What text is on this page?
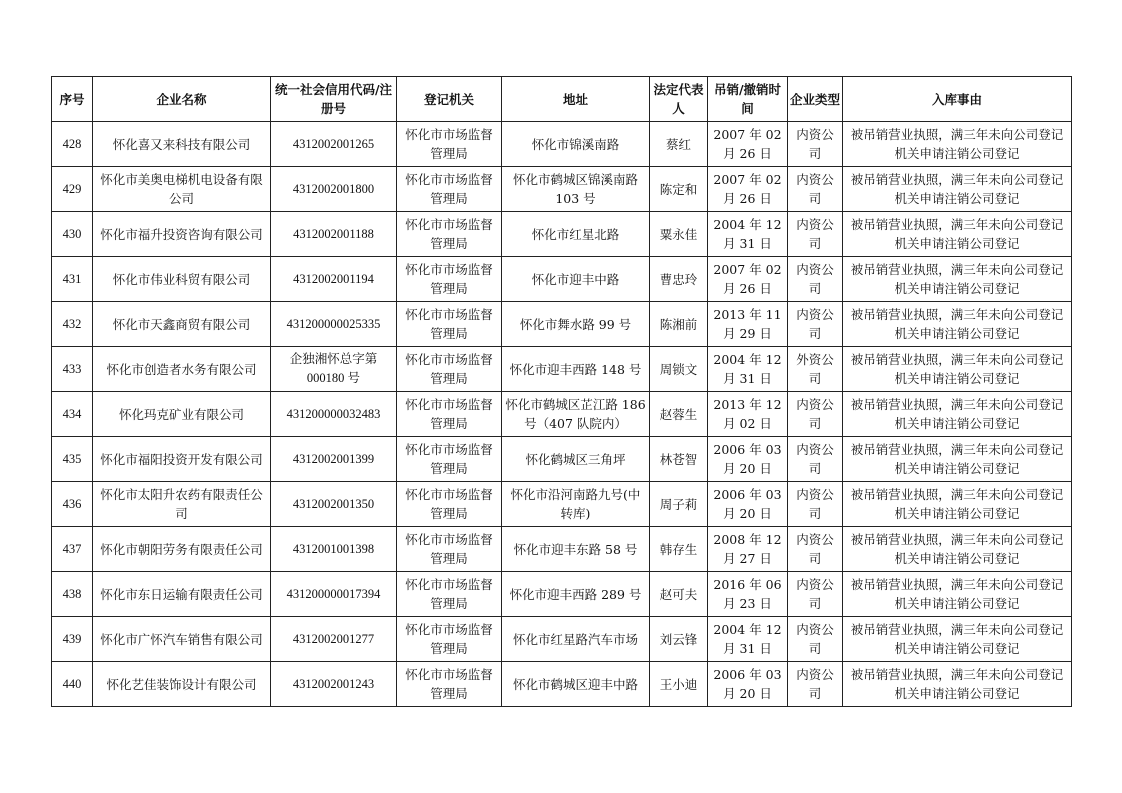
序号	企业名称	统一社会信用代码/注册号	登记机关	地址	法定代表人	吊销/撤销时间	企业类型	入库事由
428	怀化喜又来科技有限公司	4312002001265	怀化市市场监督管理局	怀化市锦溪南路	蔡红	2007 年 02 月 26 日	内资公司	被吊销营业执照，满三年未向公司登记机关申请注销公司登记
429	怀化市美奥电梯机电设备有限公司	4312002001800	怀化市市场监督管理局	怀化市鹤城区锦溪南路 103 号	陈定和	2007 年 02 月 26 日	内资公司	被吊销营业执照，满三年未向公司登记机关申请注销公司登记
430	怀化市福升投资咨询有限公司	4312002001188	怀化市市场监督管理局	怀化市红星北路	粟永佳	2004 年 12 月 31 日	内资公司	被吊销营业执照，满三年未向公司登记机关申请注销公司登记
431	怀化市伟业科贸有限公司	4312002001194	怀化市市场监督管理局	怀化市迎丰中路	曹忠玲	2007 年 02 月 26 日	内资公司	被吊销营业执照，满三年未向公司登记机关申请注销公司登记
432	怀化市天鑫商贸有限公司	431200000025335	怀化市市场监督管理局	怀化市舞水路 99 号	陈湘前	2013 年 11 月 29 日	内资公司	被吊销营业执照，满三年未向公司登记机关申请注销公司登记
433	怀化市创造者水务有限公司	企独湘怀总字第 000180 号	怀化市市场监督管理局	怀化市迎丰西路 148 号	周锁文	2004 年 12 月 31 日	外资公司	被吊销营业执照，满三年未向公司登记机关申请注销公司登记
434	怀化玛克矿业有限公司	431200000032483	怀化市市场监督管理局	怀化市鹤城区芷江路 186 号（407 队院内）	赵蓉生	2013 年 12 月 02 日	内资公司	被吊销营业执照，满三年未向公司登记机关申请注销公司登记
435	怀化市福阳投资开发有限公司	4312002001399	怀化市市场监督管理局	怀化鹤城区三角坪	林苍智	2006 年 03 月 20 日	内资公司	被吊销营业执照，满三年未向公司登记机关申请注销公司登记
436	怀化市太阳升农药有限责任公司	4312002001350	怀化市市场监督管理局	怀化市沿河南路九号(中转库)	周子莉	2006 年 03 月 20 日	内资公司	被吊销营业执照，满三年未向公司登记机关申请注销公司登记
437	怀化市朝阳劳务有限责任公司	4312001001398	怀化市市场监督管理局	怀化市迎丰东路 58 号	韩存生	2008 年 12 月 27 日	内资公司	被吊销营业执照，满三年未向公司登记机关申请注销公司登记
438	怀化市东日运输有限责任公司	431200000017394	怀化市市场监督管理局	怀化市迎丰西路 289 号	赵可夫	2016 年 06 月 23 日	内资公司	被吊销营业执照，满三年未向公司登记机关申请注销公司登记
439	怀化市广怀汽车销售有限公司	4312002001277	怀化市市场监督管理局	怀化市红星路汽车市场	刘云锋	2004 年 12 月 31 日	内资公司	被吊销营业执照，满三年未向公司登记机关申请注销公司登记
440	怀化艺佳装饰设计有限公司	4312002001243	怀化市市场监督管理局	怀化市鹤城区迎丰中路	王小迪	2006 年 03 月 20 日	内资公司	被吊销营业执照，满三年未向公司登记机关申请注销公司登记
